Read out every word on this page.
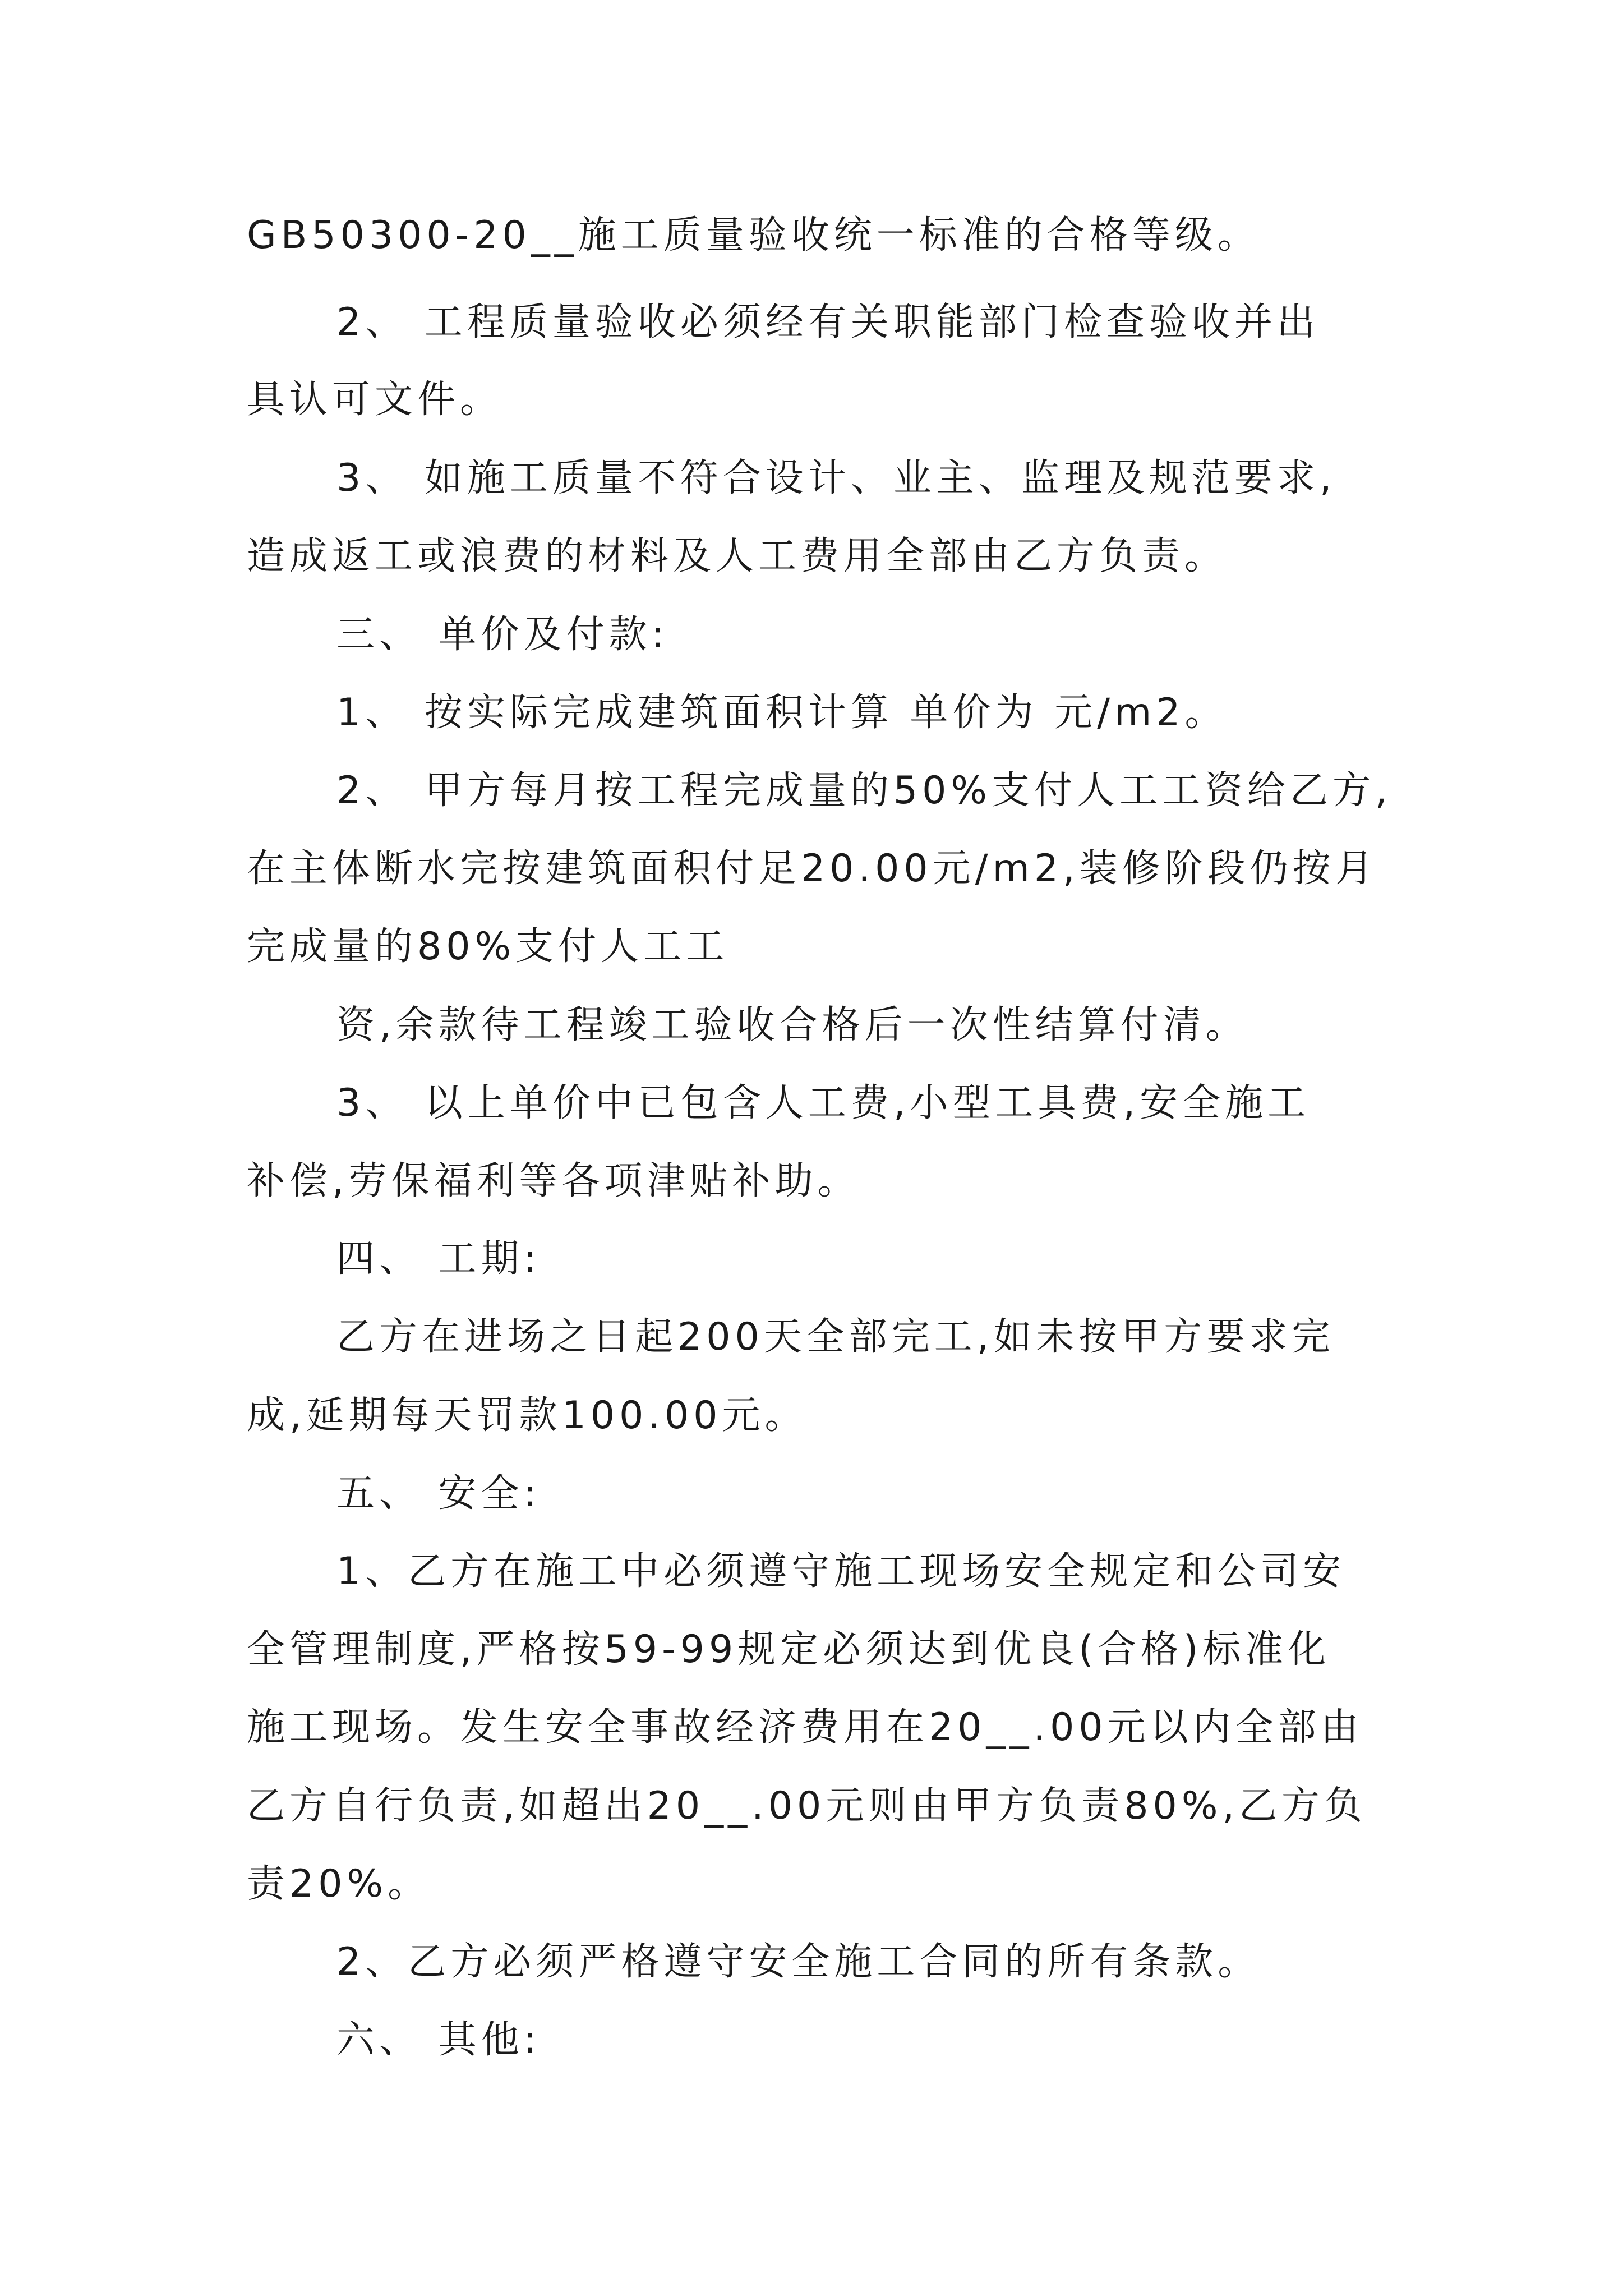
GB50300-20__施工质量验收统一标准的合格等级。

2、 工程质量验收必须经有关职能部门检查验收并出

具认可文件。

3、 如施工质量不符合设计、业主、监理及规范要求,

造成返工或浪费的材料及人工费用全部由乙方负责。

三、 单价及付款:

1、 按实际完成建筑面积计算 单价为 元/m2。

2、 甲方每月按工程完成量的50%支付人工工资给乙方,

在主体断水完按建筑面积付足20.00元/m2,装修阶段仍按月

完成量的80%支付人工工

资,余款待工程竣工验收合格后一次性结算付清。

3、 以上单价中已包含人工费,小型工具费,安全施工

补偿,劳保福利等各项津贴补助。

四、 工期:

乙方在进场之日起200天全部完工,如未按甲方要求完

成,延期每天罚款100.00元。

五、 安全:

1、乙方在施工中必须遵守施工现场安全规定和公司安

全管理制度,严格按59-99规定必须达到优良(合格)标准化

施工现场。发生安全事故经济费用在20__.00元以内全部由

乙方自行负责,如超出20__.00元则由甲方负责80%,乙方负

责20%。

2、乙方必须严格遵守安全施工合同的所有条款。

六、 其他:
